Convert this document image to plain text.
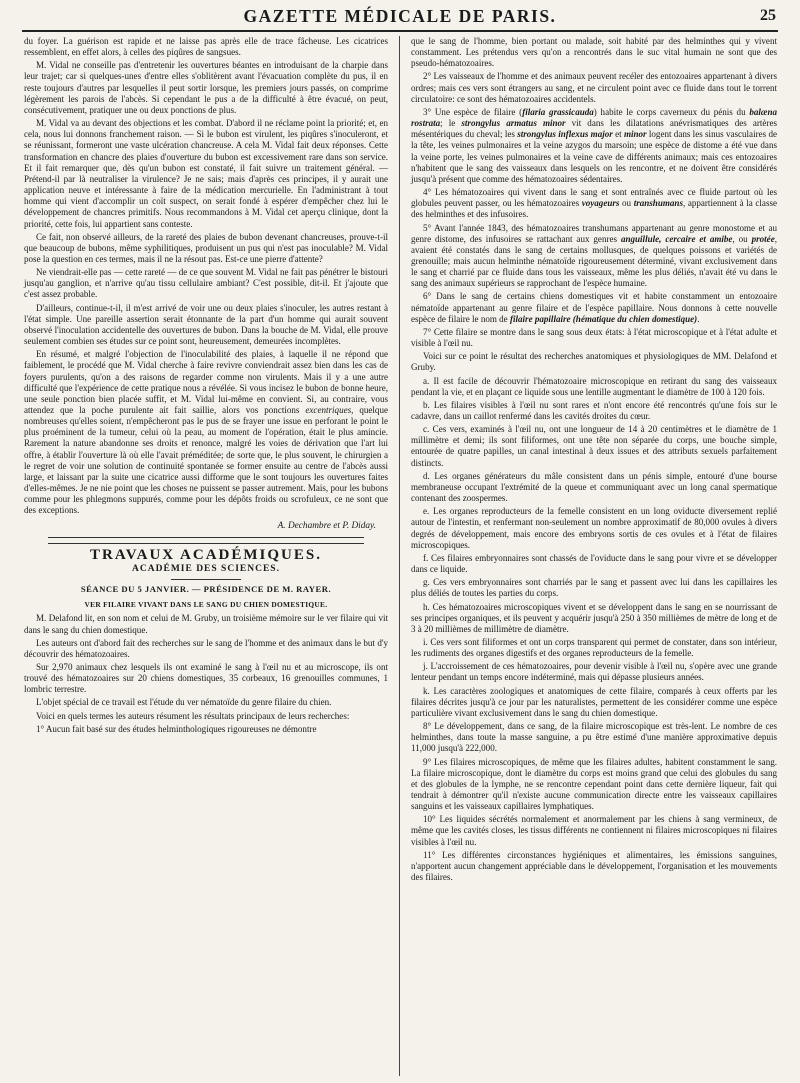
GAZETTE MÉDICALE DE PARIS.	25

du foyer. La guérison est rapide et ne laisse pas après elle de trace fâcheuse. Les cicatrices ressemblent, en effet alors, à celles des piqûres de sangsues.

M. Vidal ne conseille pas d'entretenir les ouvertures béantes en introduisant de la charpie dans leur trajet; car si quelques-unes d'entre elles s'oblitèrent avant l'évacuation complète du pus, il en reste toujours d'autres par lesquelles il peut sortir lorsque, les premiers jours passés, on comprime légèrement les parois de l'abcès. Si cependant le pus a de la difficulté à être évacué, on peut, consécutivement, pratiquer une ou deux ponctions de plus.

M. Vidal va au devant des objections et les combat. D'abord il ne réclame point la priorité; et, en cela, nous lui donnons franchement raison. — Si le bubon est virulent, les piqûres s'inoculeront, et se réunissant, formeront une vaste ulcération chancreuse. A cela M. Vidal fait deux réponses. Cette transformation en chancre des plaies d'ouverture du bubon est excessivement rare dans son service. Et il fait remarquer que, dès qu'un bubon est constaté, il fait suivre un traitement général. — Prétend-il par là neutraliser la virulence? Je ne sais; mais d'après ces principes, il y aurait une application neuve et intéressante à faire de la médication mercurielle. En l'administrant à tout homme qui vient d'accomplir un coït suspect, on serait fondé à espérer d'empêcher chez lui le développement de chancres primitifs. Nous recommandons à M. Vidal cet aperçu clinique, dont la priorité, cette fois, lui appartient sans conteste.

Ce fait, non observé ailleurs, de la rareté des plaies de bubon devenant chancreuses, prouve-t-il que beaucoup de bubons, même syphilitiques, produisent un pus qui n'est pas inoculable? M. Vidal pose la question en ces termes, mais il ne la résout pas. Est-ce une pierre d'attente?

Ne viendrait-elle pas — cette rareté — de ce que souvent M. Vidal ne fait pas pénétrer le bistouri jusqu'au ganglion, et n'arrive qu'au tissu cellulaire ambiant? C'est possible, dit-il. Et j'ajoute que c'est assez probable.

D'ailleurs, continue-t-il, il m'est arrivé de voir une ou deux plaies s'inoculer, les autres restant à l'état simple. Une pareille assertion serait étonnante de la part d'un homme qui aurait souvent observé l'inoculation accidentelle des ouvertures de bubon. Dans la bouche de M. Vidal, elle prouve seulement combien ses études sur ce point sont, heureusement, demeurées incomplètes.

En résumé, et malgré l'objection de l'inoculabilité des plaies, à laquelle il ne répond que faiblement, le procédé que M. Vidal cherche à faire revivre conviendrait assez bien dans les cas de foyers purulents, qu'on a des raisons de regarder comme non virulents. Mais il y a une autre difficulté que l'expérience de cette pratique nous a révélée. Si vous incisez le bubon de bonne heure, une seule ponction bien placée suffit, et M. Vidal lui-même en convient. Si, au contraire, vous attendez que la poche purulente ait fait saillie, alors vos ponctions excentriques, quelque nombreuses qu'elles soient, n'empêcheront pas le pus de se frayer une issue en perforant le point le plus proéminent de la tumeur, celui où la peau, au moment de l'opération, était le plus amincie. Rarement la nature abandonne ses droits et renonce, malgré les voies de dérivation que l'art lui offre, à établir l'ouverture là où elle l'avait préméditée; de sorte que, le plus souvent, le chirurgien a le regret de voir une solution de continuité spontanée se former ensuite au centre de l'abcès aussi large, et laissant par la suite une cicatrice aussi difforme que le sont toujours les ouvertures faites d'elles-mêmes. Je ne nie point que les choses ne puissent se passer autrement. Mais, pour les bubons comme pour les phlegmons suppurés, comme pour les dépôts froids ou scrofuleux, ce ne sont que des exceptions.

A. Dechambre et P. Diday.

TRAVAUX ACADÉMIQUES.
ACADÉMIE DES SCIENCES.
SÉANCE DU 5 JANVIER. — PRÉSIDENCE DE M. RAYER.
VER FILAIRE VIVANT DANS LE SANG DU CHIEN DOMESTIQUE.

M. Delafond lit, en son nom et celui de M. Gruby, un troisième mémoire sur le ver filaire qui vit dans le sang du chien domestique.

Les auteurs ont d'abord fait des recherches sur le sang de l'homme et des animaux dans le but d'y découvrir des hématozoaires.

Sur 2,970 animaux chez lesquels ils ont examiné le sang à l'œil nu et au microscope, ils ont trouvé des hématozoaires sur 20 chiens domestiques, 35 corbeaux, 16 grenouilles communes, 1 lombric terrestre.

L'objet spécial de ce travail est l'étude du ver nématoïde du genre filaire du chien.

Voici en quels termes les auteurs résument les résultats principaux de leurs recherches:

1° Aucun fait basé sur des études helminthologiques rigoureuses ne démontre

que le sang de l'homme, bien portant ou malade, soit habité par des helminthes qui y vivent constamment. Les prétendus vers qu'on a rencontrés dans le suc vital humain ne sont que des pseudo-hématozoaires.

2° Les vaisseaux de l'homme et des animaux peuvent recéler des entozoaires appartenant à divers ordres; mais ces vers sont étrangers au sang, et ne circulent point avec ce fluide dans tout le torrent circulatoire: ce sont des hématozoaires accidentels.

3° Une espèce de filaire (filaria grassicauda) habite le corps caverneux du pénis du balæna rostrata; le strongylus armatus minor vit dans les dilatations anévrismatiques des artères mésentériques du cheval; les strongylus inflexus major et minor logent dans les sinus vasculaires de la tête, les veines pulmonaires et la veine azygos du marsoin; une espèce de distome a été vue dans la veine porte, les veines pulmonaires et la veine cave de différents animaux; mais ces entozoaires n'habitent que le sang des vaisseaux dans lesquels on les rencontre, et ne doivent être considérés jusqu'à présent que comme des hématozoaires sédentaires.

4° Les hématozoaires qui vivent dans le sang et sont entraînés avec ce fluide partout où les globules peuvent passer, ou les hématozoaires voyageurs ou transhumans, appartiennent à la classe des helminthes et des infusoires.

5° Avant l'année 1843, des hématozoaires transhumans appartenant au genre monostome et au genre distome, des infusoires se rattachant aux genres anguillule, cercaire et amibe, ou protée, avaient été constatés dans le sang de certains mollusques, de quelques poissons et variétés de grenouille; mais aucun helminthe nématoïde rigoureusement déterminé, vivant exclusivement dans le sang et charrié par ce fluide dans tous les vaisseaux, même les plus déliés, n'avait été vu dans le sang des animaux supérieurs se rapprochant de l'espèce humaine.

6° Dans le sang de certains chiens domestiques vit et habite constamment un entozoaire nématoïde appartenant au genre filaire et de l'espèce papillaire. Nous donnons à cette nouvelle espèce de filaire le nom de filaire papillaire (hématique du chien domestique).

7° Cette filaire se montre dans le sang sous deux états: à l'état microscopique et à l'état adulte et visible à l'œil nu.

Voici sur ce point le résultat des recherches anatomiques et physiologiques de MM. Delafond et Gruby.

a. Il est facile de découvrir l'hématozoaire microscopique en retirant du sang des vaisseaux pendant la vie, et en plaçant ce liquide sous une lentille augmentant le diamètre de 100 à 120 fois.

b. Les filaires visibles à l'œil nu sont rares et n'ont encore été rencontrés qu'une fois sur le cadavre, dans un caillot renfermé dans les cavités droites du cœur.

c. Ces vers, examinés à l'œil nu, ont une longueur de 14 à 20 centimètres et le diamètre de 1 millimètre et demi; ils sont filiformes, ont une tête non séparée du corps, une bouche simple, entourée de quatre papilles, un canal intestinal à deux issues et des attributs sexuels parfaitement distincts.

d. Les organes générateurs du mâle consistent dans un pénis simple, entouré d'une bourse membraneuse occupant l'extrémité de la queue et communiquant avec un long canal spermatique contenant des zoospermes.

e. Les organes reproducteurs de la femelle consistent en un long oviducte diversement replié autour de l'intestin, et renfermant non-seulement un nombre approximatif de 80,000 ovules à divers degrés de développement, mais encore des embryons sortis de ces ovules et à l'état de filaires microscopiques.

f. Ces filaires embryonnaires sont chassés de l'oviducte dans le sang pour vivre et se développer dans ce liquide.

g. Ces vers embryonnaires sont charriés par le sang et passent avec lui dans les capillaires les plus déliés de toutes les parties du corps.

h. Ces hématozoaires microscopiques vivent et se développent dans le sang en se nourrissant de ses principes organiques, et ils peuvent y acquérir jusqu'à 250 à 350 millièmes de mètre de long et de 3 à 20 millièmes de millimètre de diamètre.

i. Ces vers sont filiformes et ont un corps transparent qui permet de constater, dans son intérieur, les rudiments des organes digestifs et des organes reproducteurs de la femelle.

j. L'accroissement de ces hématozoaires, pour devenir visible à l'œil nu, s'opère avec une grande lenteur pendant un temps encore indéterminé, mais qui dépasse plusieurs années.

k. Les caractères zoologiques et anatomiques de cette filaire, comparés à ceux offerts par les filaires décrites jusqu'à ce jour par les naturalistes, permettent de les considérer comme une espèce particulière vivant exclusivement dans le sang du chien domestique.

8° Le développement, dans ce sang, de la filaire microscopique est très-lent. Le nombre de ces helminthes, dans toute la masse sanguine, a pu être estimé d'une manière approximative depuis 11,000 jusqu'à 222,000.

9° Les filaires microscopiques, de même que les filaires adultes, habitent constamment le sang. La filaire microscopique, dont le diamètre du corps est moins grand que celui des globules du sang et des globules de la lymphe, ne se rencontre cependant point dans cette dernière liqueur, fait qui tendrait à démontrer qu'il n'existe aucune communication directe entre les vaisseaux capillaires sanguins et les vaisseaux capillaires lymphatiques.

10° Les liquides sécrétés normalement et anormalement par les chiens à sang vermineux, de même que les cavités closes, les tissus différents ne contiennent ni filaires microscopiques ni filaires visibles à l'œil nu.

11° Les différentes circonstances hygiéniques et alimentaires, les émissions sanguines, n'apportent aucun changement appréciable dans le développement, l'organisation et les mouvements des filaires.
